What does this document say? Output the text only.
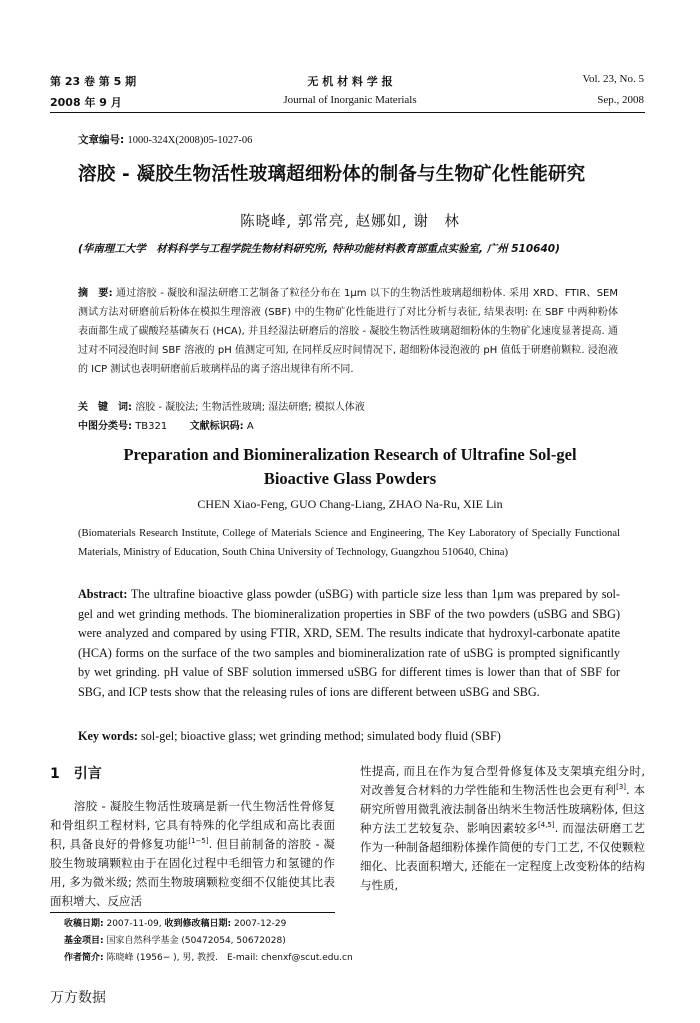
第 23 卷 第 5 期
2008 年 9 月
无 机 材 料 学 报
Journal of Inorganic Materials
Vol. 23, No. 5
Sep., 2008
文章编号: 1000-324X(2008)05-1027-06
溶胶 - 凝胶生物活性玻璃超细粉体的制备与生物矿化性能研究
陈晓峰, 郭常亮, 赵娜如, 谢　林
(华南理工大学　材料科学与工程学院生物材料研究所, 特种功能材料教育部重点实验室, 广州 510640)
摘　要: 通过溶胶 - 凝胶和湿法研磨工艺制备了粒径分布在 1μm 以下的生物活性玻璃超细粉体. 采用 XRD、FTIR、SEM 测试方法对研磨前后粉体在模拟生理溶液 (SBF) 中的生物矿化性能进行了对比分析与表征, 结果表明: 在 SBF 中两种粉体表面都生成了碳酸羟基磷灰石 (HCA), 并且经湿法研磨后的溶胶 - 凝胶生物活性玻璃超细粉体的生物矿化速度显著提高. 通过对不同浸泡时间 SBF 溶液的 pH 值测定可知, 在同样反应时间情况下, 超细粉体浸泡液的 pH 值低于研磨前颗粒. 浸泡液的 ICP 测试也表明研磨前后玻璃样品的离子溶出规律有所不同.
关　键　词: 溶胶 - 凝胶法; 生物活性玻璃; 湿法研磨; 模拟人体液
中图分类号: TB321 文献标识码: A
Preparation and Biomineralization Research of Ultrafine Sol-gel
Bioactive Glass Powders
CHEN Xiao-Feng, GUO Chang-Liang, ZHAO Na-Ru, XIE Lin
(Biomaterials Research Institute, College of Materials Science and Engineering, The Key Laboratory of Specially Functional Materials, Ministry of Education, South China University of Technology, Guangzhou 510640, China)
Abstract: The ultrafine bioactive glass powder (uSBG) with particle size less than 1μm was prepared by sol-gel and wet grinding methods. The biomineralization properties in SBF of the two powders (uSBG and SBG) were analyzed and compared by using FTIR, XRD, SEM. The results indicate that hydroxyl-carbonate apatite (HCA) forms on the surface of the two samples and biomineralization rate of uSBG is prompted significantly by wet grinding. pH value of SBF solution immersed uSBG for different times is lower than that of SBF for SBG, and ICP tests show that the releasing rules of ions are different between uSBG and SBG.
Key words: sol-gel; bioactive glass; wet grinding method; simulated body fluid (SBF)
1　引言
　　溶胶 - 凝胶生物活性玻璃是新一代生物活性骨修复和骨组织工程材料, 它具有特殊的化学组成和高比表面积, 具备良好的骨修复功能[1−5]. 但目前制备的溶胶 - 凝胶生物玻璃颗粒由于在固化过程中毛细管力和氢键的作用, 多为微米级; 然而生物玻璃颗粒变细不仅能使其比表面积增大、反应活
性提高, 而且在作为复合型骨修复体及支架填充组分时, 对改善复合材料的力学性能和生物活性也会更有利[3]. 本研究所曾用微乳液法制备出纳米生物活性玻璃粉体, 但这种方法工艺较复杂、影响因素较多[4,5]. 而湿法研磨工艺作为一种制备超细粉体操作简便的专门工艺, 不仅使颗粒细化、比表面积增大, 还能在一定程度上改变粉体的结构与性质,
收稿日期: 2007-11-09, 收到修改稿日期: 2007-12-29
基金项目: 国家自然科学基金 (50472054, 50672028)
作者简介: 陈晓峰 (1956− ), 男, 教授.　E-mail: chenxf@scut.edu.cn
万方数据
